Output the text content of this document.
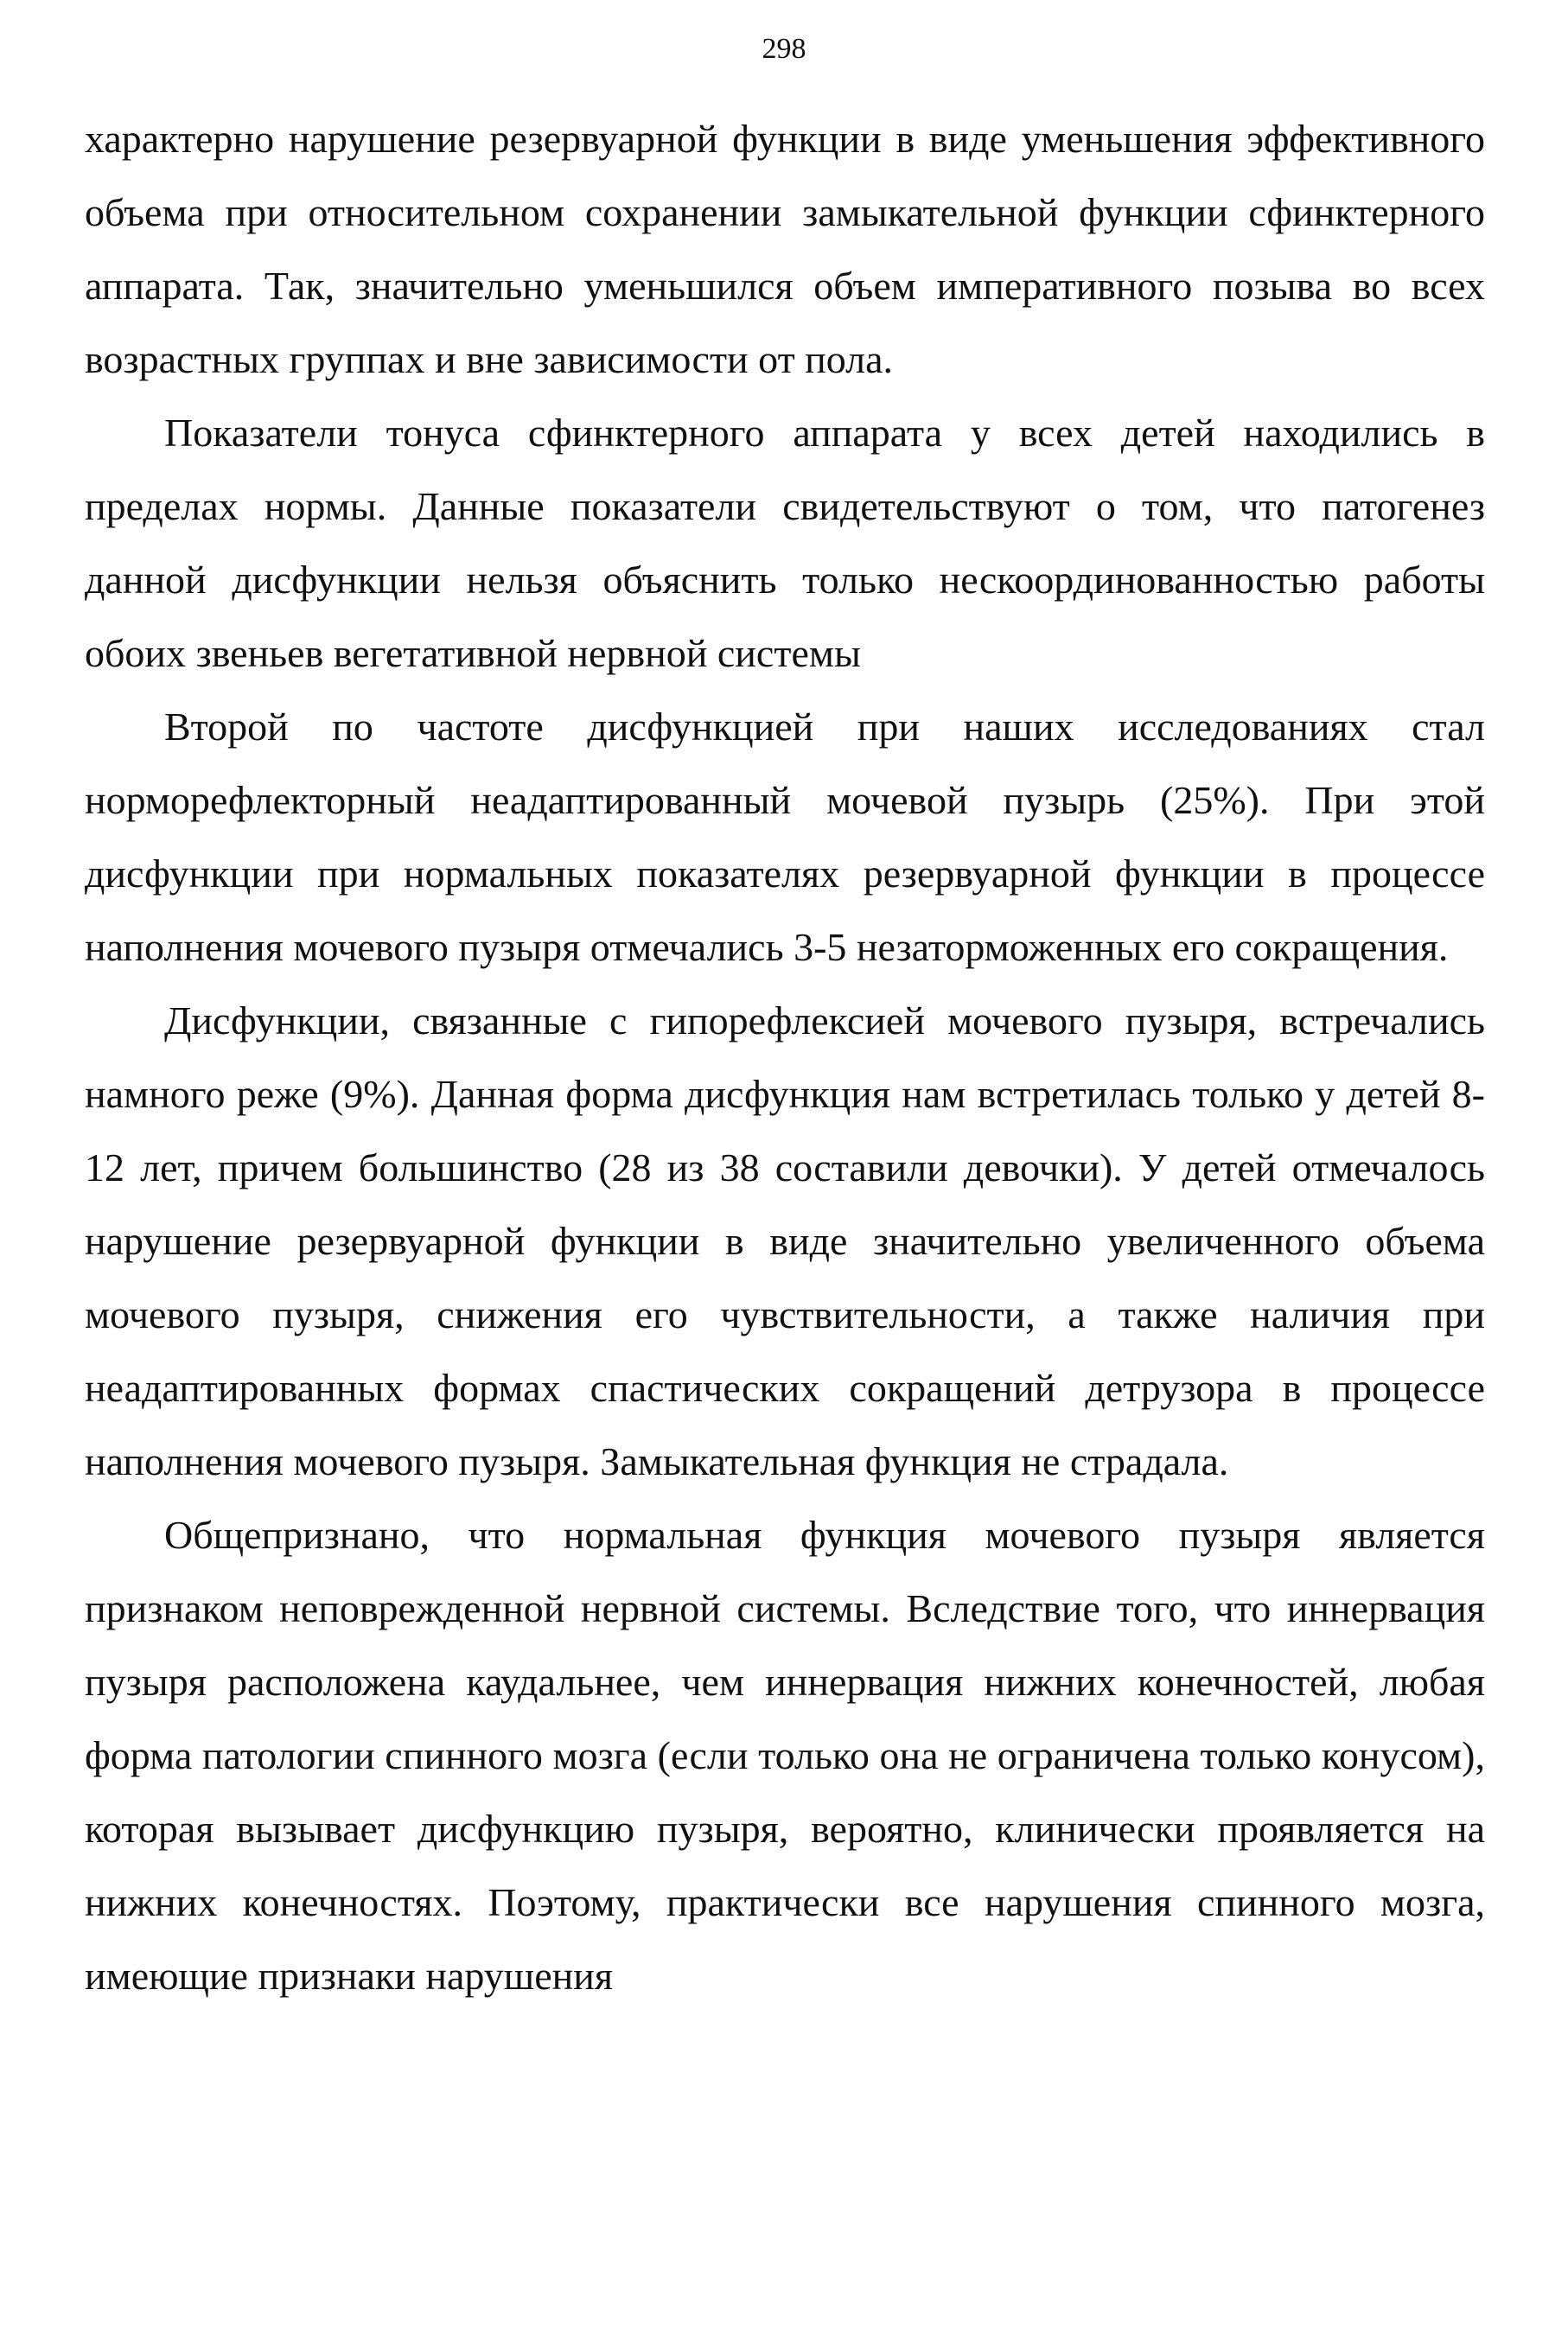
298

характерно нарушение резервуарной функции в виде уменьшения эффективного объема при относительном сохранении замыкательной функции сфинктерного аппарата. Так, значительно уменьшился объем императивного позыва во всех возрастных группах и вне зависимости от пола.

Показатели тонуса сфинктерного аппарата у всех детей находились в пределах нормы. Данные показатели свидетельствуют о том, что патогенез данной дисфункции нельзя объяснить только нескоординованностью работы обоих звеньев вегетативной нервной системы

Второй по частоте дисфункцией при наших исследованиях стал норморефлекторный неадаптированный мочевой пузырь (25%). При этой дисфункции при нормальных показателях резервуарной функции в процессе наполнения мочевого пузыря отмечались 3-5 незаторможенных его сокращения.

Дисфункции, связанные с гипорефлексией мочевого пузыря, встречались намного реже (9%). Данная форма дисфункция нам встретилась только у детей 8-12 лет, причем большинство (28 из 38 составили девочки). У детей отмечалось нарушение резервуарной функции в виде значительно увеличенного объема мочевого пузыря, снижения его чувствительности, а также наличия при неадаптированных формах спастических сокращений детрузора в процессе наполнения мочевого пузыря. Замыкательная функция не страдала.

Общепризнано, что нормальная функция мочевого пузыря является признаком неповрежденной нервной системы. Вследствие того, что иннервация пузыря расположена каудальнее, чем иннервация нижних конечностей, любая форма патологии спинного мозга (если только она не ограничена только конусом), которая вызывает дисфункцию пузыря, вероятно, клинически проявляется на нижних конечностях. Поэтому, практически все нарушения спинного мозга, имеющие признаки нарушения
